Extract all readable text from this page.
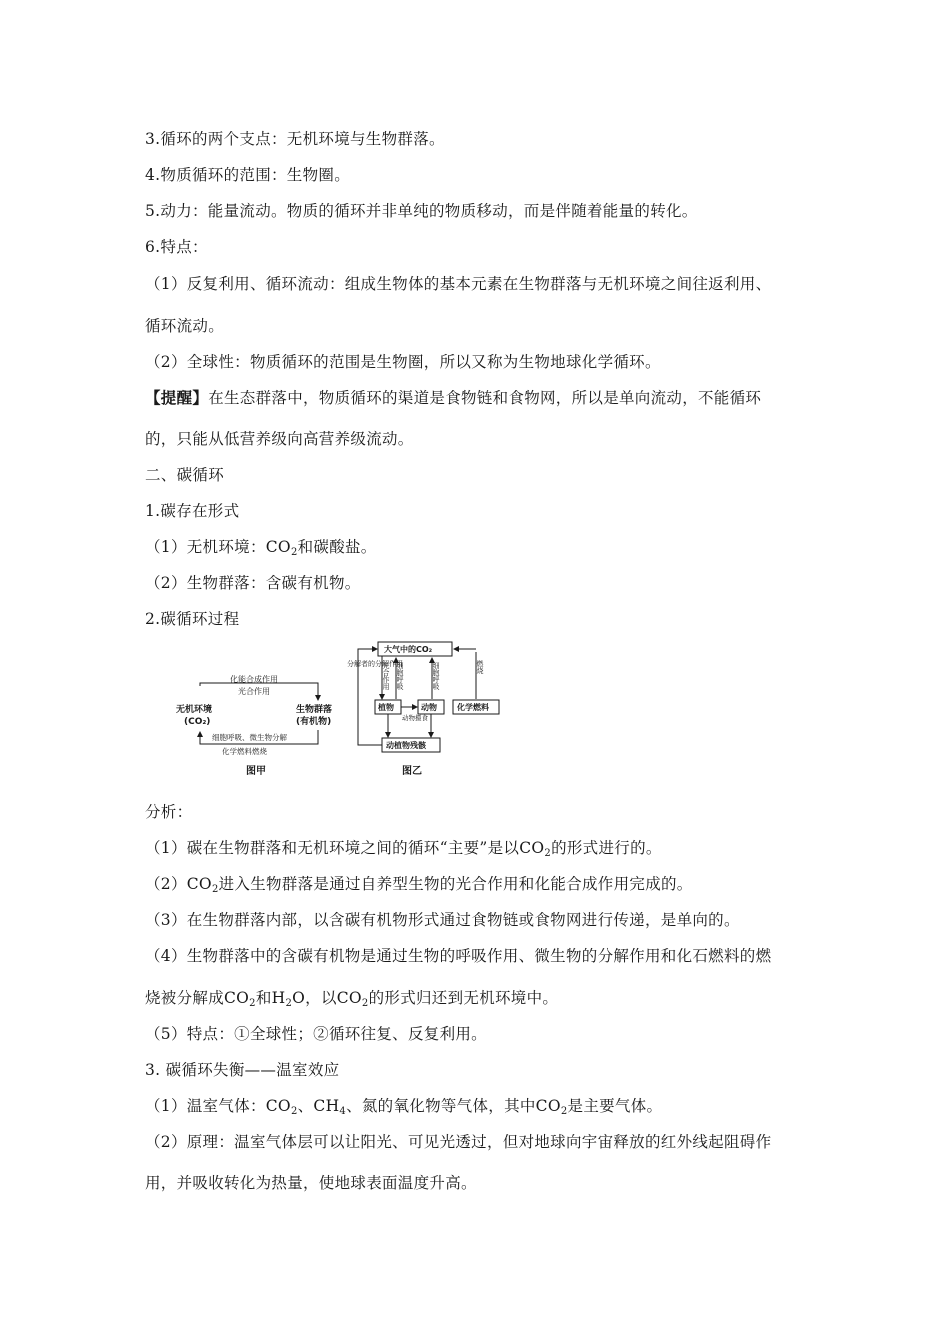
3.循环的两个支点：无机环境与生物群落。
4.物质循环的范围：生物圈。
5.动力：能量流动。物质的循环并非单纯的物质移动，而是伴随着能量的转化。
6.特点：
（1）反复利用、循环流动：组成生物体的基本元素在生物群落与无机环境之间往返利用、
循环流动。
（2）全球性：物质循环的范围是生物圈，所以又称为生物地球化学循环。
【提醒】在生态群落中，物质循环的渠道是食物链和食物网，所以是单向流动，不能循环
的，只能从低营养级向高营养级流动。
二、碳循环
1.碳存在形式
（1）无机环境：$CO_2$和碳酸盐。
（2）生物群落：含碳有机物。
2.碳循环过程
化能合成作用
光合作用
无机环境
(CO₂)
生物群落
(有机物)
细胞呼吸、微生物分解
化学燃料燃烧
图甲
大气中的CO₂
植物	动物	化学燃料
动植物残骸
分解者的分解作用
光合作用 细胞呼吸	细胞呼吸	燃烧
动物摄食
图乙
分析：
（1）碳在生物群落和无机环境之间的循环“主要”是以$CO_2$的形式进行的。
$(2)CO_2$进入生物群落是通过自养型生物的光合作用和化能合成作用完成的。
（3）在生物群落内部，以含碳有机物形式通过食物链或食物网进行传递，是单向的。
（4）生物群落中的含碳有机物是通过生物的呼吸作用、微生物的分解作用和化石燃料的燃
烧被分解成$CO_2$和$H_2O$，以$CO_2$的形式归还到无机环境中。
（5）特点：①全球性；②循环往复、反复利用。
3. 碳循环失衡——温室效应
（1）温室气体：$CO_2$、$CH_4$、氮的氧化物等气体，其中$CO_2$是主要气体。
（2）原理：温室气体层可以让阳光、可见光透过，但对地球向宇宙释放的红外线起阻碍作
用，并吸收转化为热量，使地球表面温度升高。
